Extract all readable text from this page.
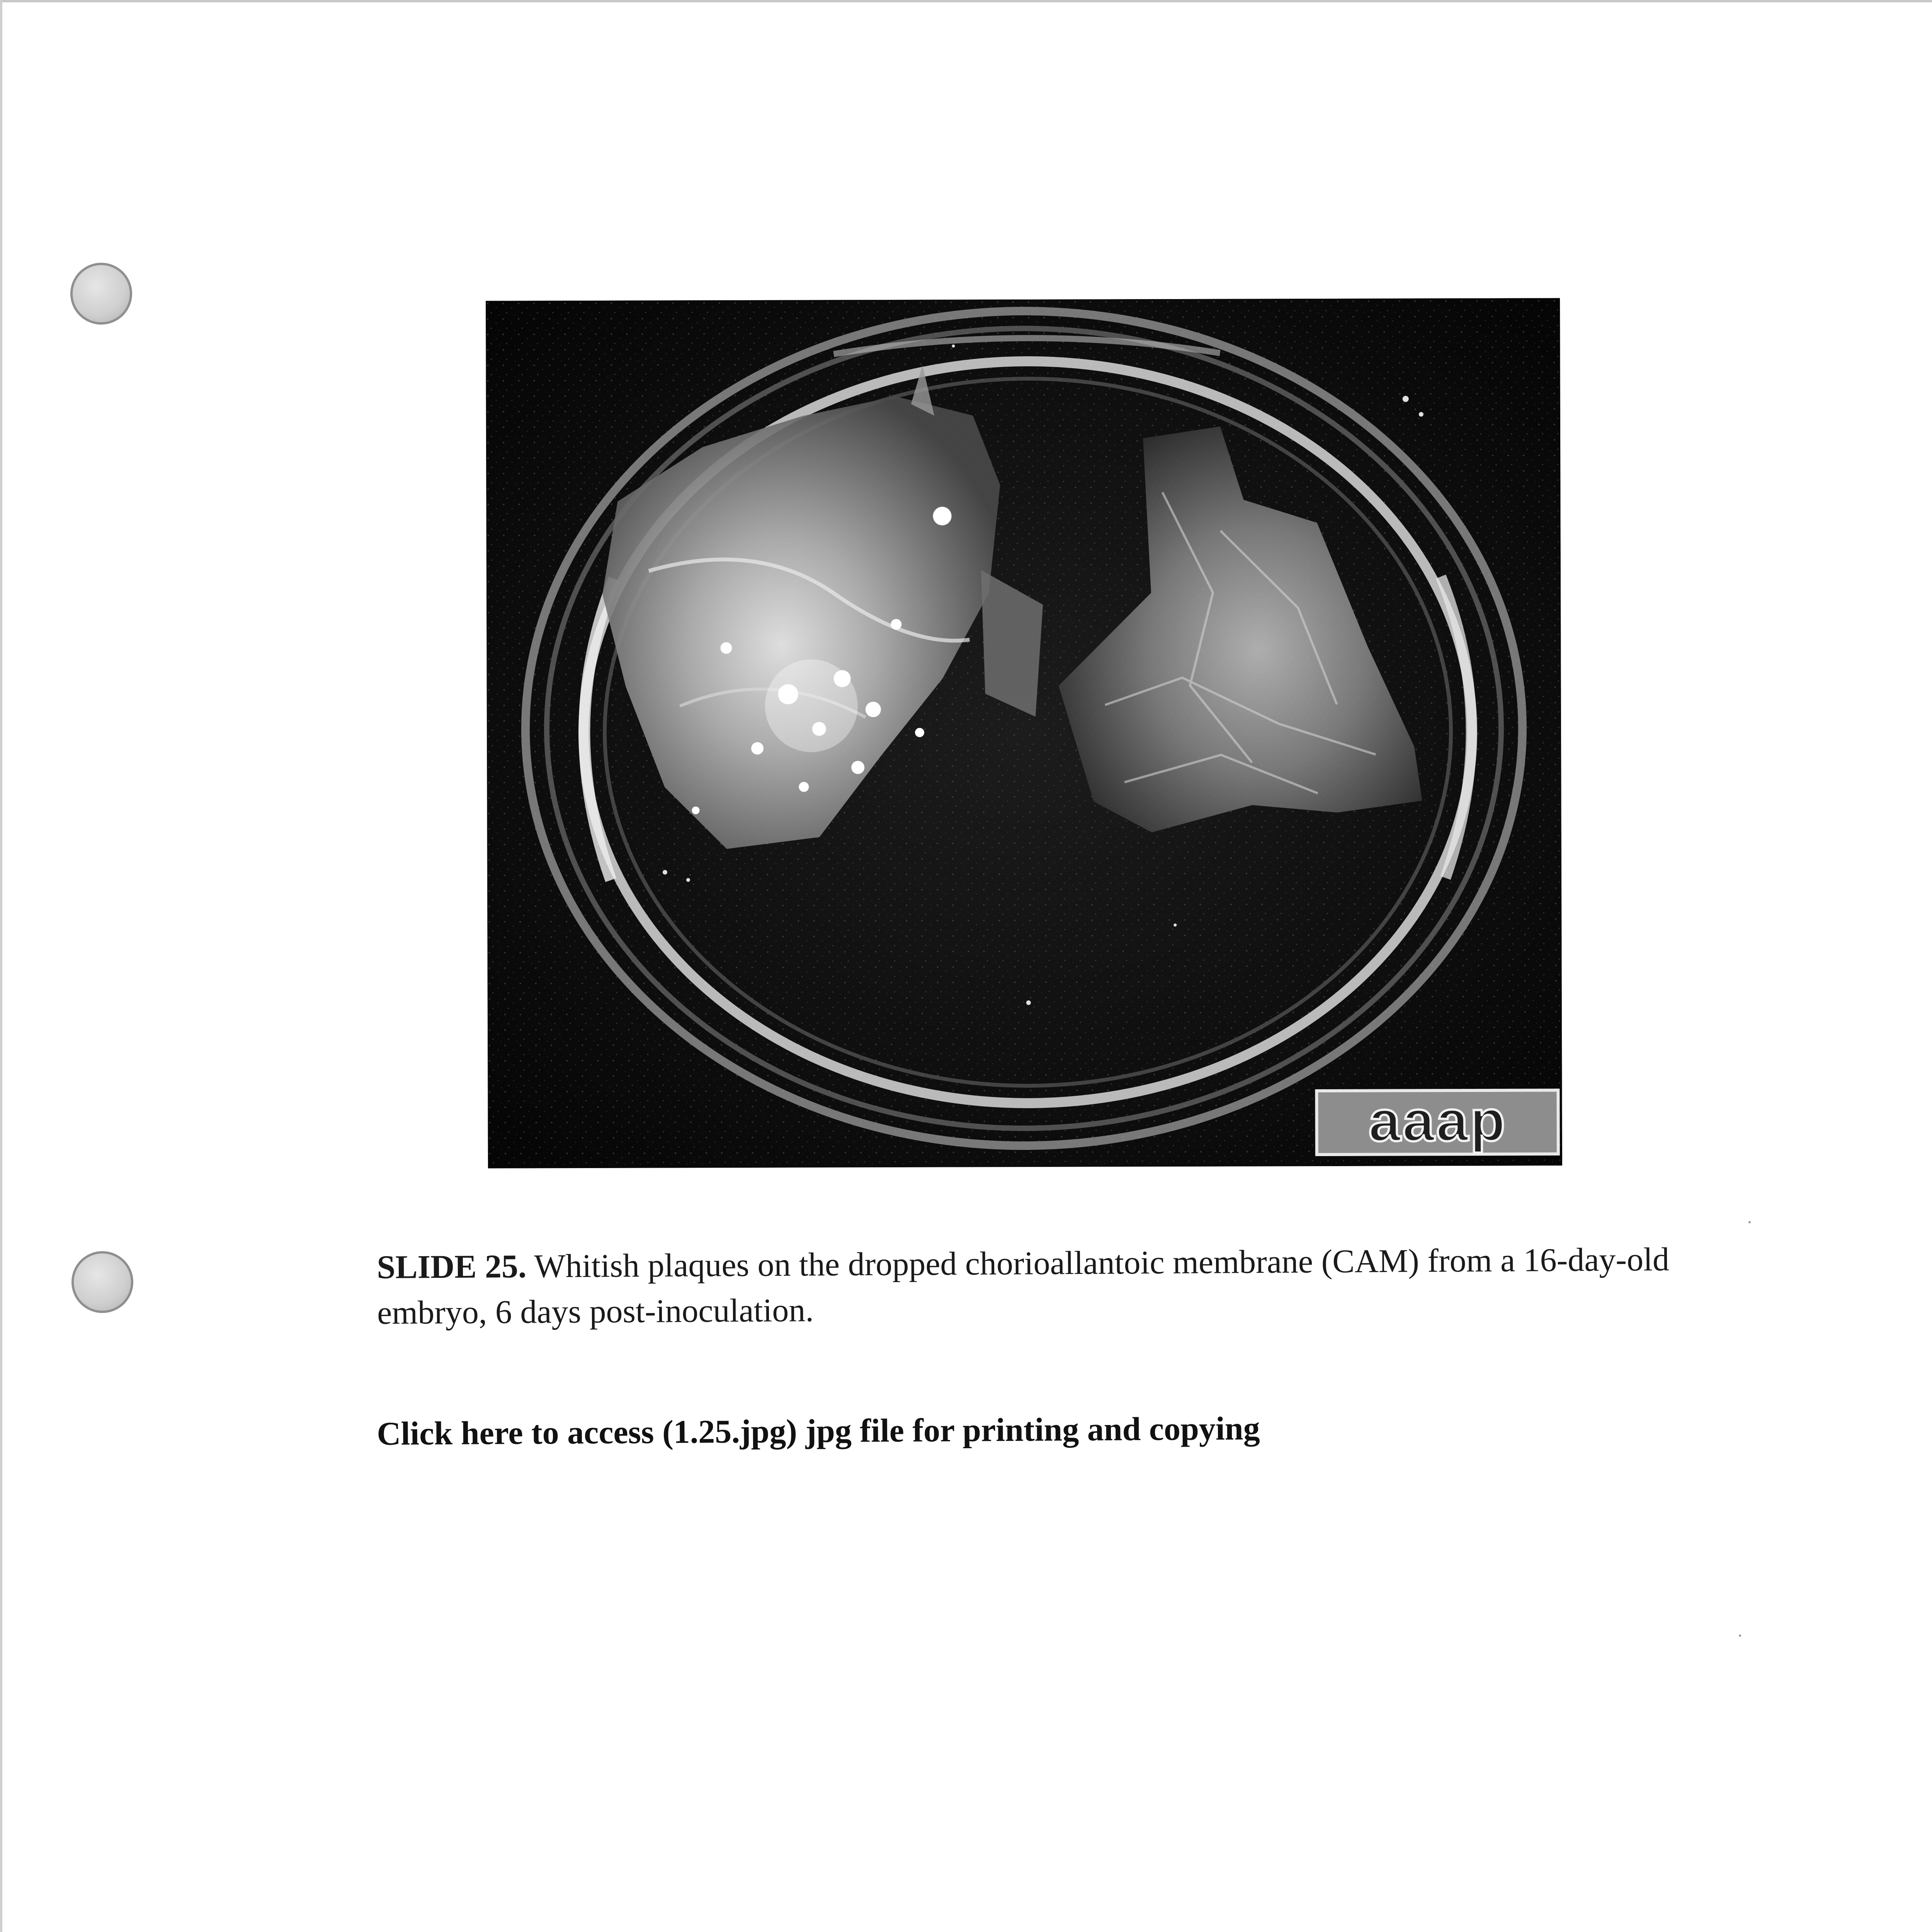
aaap
SLIDE 25. Whitish plaques on the dropped chorioallantoic membrane (CAM) from a 16-day-old embryo, 6 days post-inoculation.
Click here to access (1.25.jpg) jpg file for printing and copying
